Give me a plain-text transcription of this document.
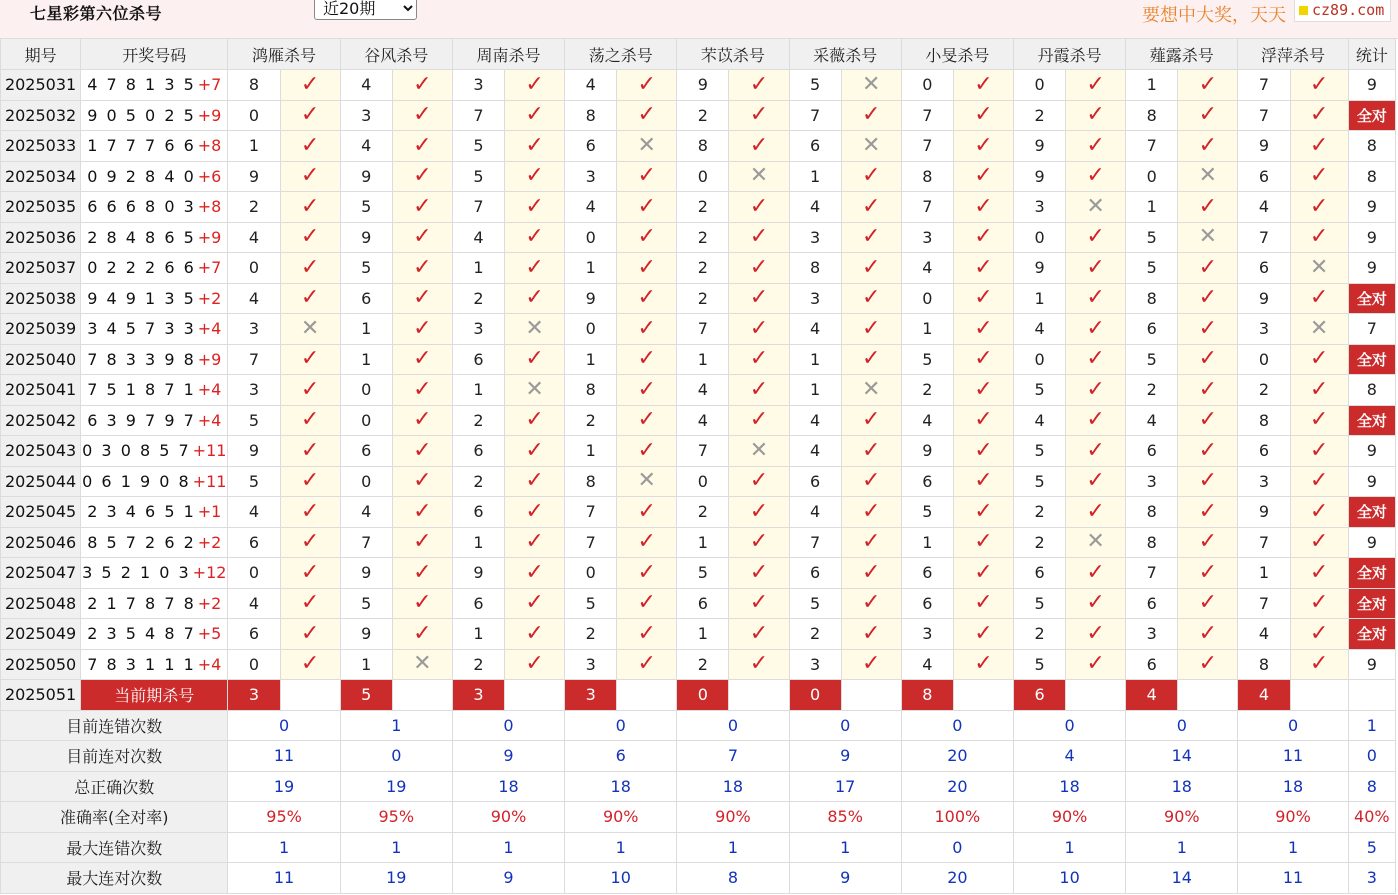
七星彩第六位杀号
近20期	要想中大奖，天天 cz89.com
期号	开奖号码	鸿雁杀号		谷风杀号		周南杀号		荡之杀号		芣苡杀号		采薇杀号		小旻杀号		丹霞杀号		薤露杀号		浮萍杀号		统计
2025031	4 7 8 1 3 5 +7	8	✓	4	✓	3	✓	4	✓	9	✓	5	✕	0	✓	0	✓	1	✓	7	✓	9
2025032	9 0 5 0 2 5 +9	0	✓	3	✓	7	✓	8	✓	2	✓	7	✓	7	✓	2	✓	8	✓	7	✓	全对
2025033	1 7 7 7 6 6 +8	1	✓	4	✓	5	✓	6	✕	8	✓	6	✕	7	✓	9	✓	7	✓	9	✓	8
2025034	0 9 2 8 4 0 +6	9	✓	9	✓	5	✓	3	✓	0	✕	1	✓	8	✓	9	✓	0	✕	6	✓	8
2025035	6 6 6 8 0 3 +8	2	✓	5	✓	7	✓	4	✓	2	✓	4	✓	7	✓	3	✕	1	✓	4	✓	9
2025036	2 8 4 8 6 5 +9	4	✓	9	✓	4	✓	0	✓	2	✓	3	✓	3	✓	0	✓	5	✕	7	✓	9
2025037	0 2 2 2 6 6 +7	0	✓	5	✓	1	✓	1	✓	2	✓	8	✓	4	✓	9	✓	5	✓	6	✕	9
2025038	9 4 9 1 3 5 +2	4	✓	6	✓	2	✓	9	✓	2	✓	3	✓	0	✓	1	✓	8	✓	9	✓	全对
2025039	3 4 5 7 3 3 +4	3	✕	1	✓	3	✕	0	✓	7	✓	4	✓	1	✓	4	✓	6	✓	3	✕	7
2025040	7 8 3 3 9 8 +9	7	✓	1	✓	6	✓	1	✓	1	✓	1	✓	5	✓	0	✓	5	✓	0	✓	全对
2025041	7 5 1 8 7 1 +4	3	✓	0	✓	1	✕	8	✓	4	✓	1	✕	2	✓	5	✓	2	✓	2	✓	8
2025042	6 3 9 7 9 7 +4	5	✓	0	✓	2	✓	2	✓	4	✓	4	✓	4	✓	4	✓	4	✓	8	✓	全对
2025043	0 3 0 8 5 7 +11	9	✓	6	✓	6	✓	1	✓	7	✕	4	✓	9	✓	5	✓	6	✓	6	✓	9
2025044	0 6 1 9 0 8 +11	5	✓	0	✓	2	✓	8	✕	0	✓	6	✓	6	✓	5	✓	3	✓	3	✓	9
2025045	2 3 4 6 5 1 +1	4	✓	4	✓	6	✓	7	✓	2	✓	4	✓	5	✓	2	✓	8	✓	9	✓	全对
2025046	8 5 7 2 6 2 +2	6	✓	7	✓	1	✓	7	✓	1	✓	7	✓	1	✓	2	✕	8	✓	7	✓	9
2025047	3 5 2 1 0 3 +12	0	✓	9	✓	9	✓	0	✓	5	✓	6	✓	6	✓	6	✓	7	✓	1	✓	全对
2025048	2 1 7 8 7 8 +2	4	✓	5	✓	6	✓	5	✓	6	✓	5	✓	6	✓	5	✓	6	✓	7	✓	全对
2025049	2 3 5 4 8 7 +5	6	✓	9	✓	1	✓	2	✓	1	✓	2	✓	3	✓	2	✓	3	✓	4	✓	全对
2025050	7 8 3 1 1 1 +4	0	✓	1	✕	2	✓	3	✓	2	✓	3	✓	4	✓	5	✓	6	✓	8	✓	9
2025051	当前期杀号	3		5		3		3		0		0		8		6		4		4		
目前连错次数		0		1		0		0		0		0		0		0		0		0		1
目前连对次数		11		0		9		6		7		9		20		4		14		11		0
总正确次数		19		19		18		18		18		17		20		18		18		18		8
准确率(全对率)		95%		95%		90%		90%		90%		85%		100%		90%		90%		90%		40%
最大连错次数		1		1		1		1		1		1		0		1		1		1		5
最大连对次数		11		19		9		10		8		9		20		10		14		11		3
